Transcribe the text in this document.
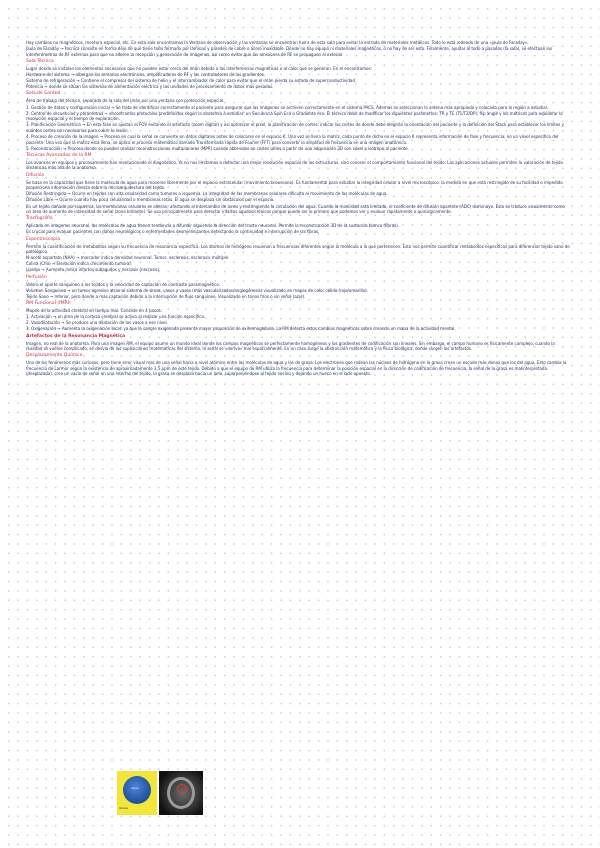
Hay cambios no magnéticos, montura especial, etc. En esta sala encontramos la Ventana de observación y las ventanas se encuentran fuera de esta sala para evitar la entrada de materiales metálicos. Todo lo está rodeado de una «jaula de Faraday».

Jaula de Faraday → técnica consiste en forma dejo de que tiene todo formado por láminas y paredes de cobre o acero inoxidable. Donde no hay equipo ni materiales magnéticos, o no hay de ser esto. Finalmente, ayudar al todo a pasados (la sala), se efectúan los interferómetros de RF externos para que no alteren la recepción y generación de imágenes, así como evitar que las emisiones de RF se propaguen al exterior.

Sala Técnica

Lugar donde se instalan los elementos necesarios que no pueden estar cerca del imán debido a las interferencias magnéticas o al calor que se generan. En el encontramos:

Hardware del sistema → albergan los armarios electrónicos, amplificadores de RF y los controladores de las gradientes.

Sistema de refrigeración → Contiene el compresor del sistema de helio y el intercambiador de calor para evitar que el imán pierda su estado de superconductividad.

Potencia → donde se sitúan los sistemas de alimentación eléctrica y las unidades de procesamiento de datos más pesadas.

Sala de Control

Área de trabajo del técnico, separada de la sala del imán por una ventana con protección especial.

1. Gestión de datos y configuración inicial → Se trata de identificar correctamente al paciente para asegurar que las imágenes se archiven correctamente en el sistema PACS. Además se seleccionan la antena más apropiada y colocada para la región a estudiar.

2. Control de secuencias y parámetros → encontramos protocolos predefinidos según la anatomía a estudiar: un Secuencia Spin Eco o Gradiente eco. El técnico debe de modificar los siguientes parámetros: TR y TE (T1/T2/DP), flip angle y los matrices para equilibrar la resolución espacial y el tiempo de exploración.

3. Planificación Geométrica → En esta fase se ajustan el FOV evitando el artefacto (zoom digital) y así optimizar el píxel, la planificación de cortes: indicar las cortes de donde debe elegirán la orientación del paciente y la definición del Stack para establecer los límites y cuántos cortes son necesarios para cubrir la lesión.

4. Proceso de creación de la imagen → Proceso en cual la señal se convierte en datos digitales antes de colocarse en el espacio K. Una vez se llena la matriz, cada punto de dicho en el espacio K representa información de fase y frecuencia, no un vóxel específico del paciente. Una vez que la matriz está llena, se aplica el proceso matemático llamado Transformada rápida de Fourier (FFT) para convertir la amplitud de frecuencia en una imagen anatómica.

5. Reconstrucción → Proceso donde se pueden realizar reconstrucciones multiplanares (MPR) cuando obtenidos en cortes útiles a partir de una adquisición 3D con vóxel a isótropo al paciente.

Técnicas Avanzadas de la RM

Los avances en equipos y procesamiento han revolucionado el diagnóstico. Ya no nos limitamos a detectar una mejor resolución espacial de las estructuras, sino conocer el comportamiento funcional del tejido. Las aplicaciones actuales permiten la valoración de tejido dinámicas más allá de la anatomía.

Difusión

Se basa en la capacidad que tiene la molécula de agua para moverse libremente por el espacio extracelular (movimiento browniano). Es fundamental para estudiar la integridad celular a nivel microscópico: la medida en que está restringido de su facilidad o impedido proporciona información directa sobre la microarquitectura del tejido.

Difusión Restringida → Ocurre en tejidos con alta celularidad como tumores o isquemia. La integridad de las membranas celulares dificulta el movimiento de las moléculas de agua.

Difusión Libre → Ocurre cuando hay poca celularidad o membranas rotas. El agua se desplaza sin obstáculos por el espacio.

En un tejido dañado por isquemia, las membranas celulares se alteran, afectando al intercambio de iones y restringiendo la circulación del agua. Cuando la movilidad está limitada, el coeficiente de difusión aparente (ADC) disminuye. Esto se traduce visualmente como un área de aumento de intensidad de señal (zona brillante). Se usa principalmente para detectar infartos agudos/crónicos porque puede ser lo primero que podemos ver y evaluar rápidamente o quirúrgicamente.

Tractografía

Aplicada en imagenes neuronal, las moléculas de agua tienen tendencia a difundir siguiendo la dirección del tracto neuronal. Permite la reconstrucción 3D de la sustancia blanca (fibras).

Es crucial para evaluar pacientes con daños neurológicos o enfermedades desmielinizantes detectando la continuidad e interrupción de las fibras.

Espectroscopia

Permite la cuantificación de metabolitos según su frecuencia de resonancia específica. Los átomos de hidrógeno resuenan a frecuencias diferentes según la molécula a la que pertenecen. Esto nos permite cuantificar metabolitos específicos para diferenciar tejido sano de patológico.

N-acetil aspartato (NAA) → marcador indica densidad neuronal. Tumor, esclerosis, esclerosis múltiple.

Colina (Cho) → Elevación indica crecimiento tumoral.

Lípidos → Aumento indica infartos subagudos y necrosis (necrosis).

Perfusión

Valora el aporte sanguíneo a los tejidos y la velocidad de captación de contraste paramagnético.

Volumen Sanguíneo → un tumor agresivo atrae al sistema de áreas, vasos y vasos (más vascularizados/angiogénesis) visualizado en mapas de color cálido (rojo/amarillo).

Tejido Sano → Inferior, pero donde a más captación debido a la interrupción de flujo sanguíneo. Visualizado en tonos fríos o sin señal (azul).

RM Funcional (fMRI)

Mapeo de la actividad cerebral en tiempo real. Consiste en 4 pasos:

1. Activación → un área de la corteza cerebral se activa al realizar una función específica.

2. Vasodilatación → Se produce una dilatación de los vasos a ese nivel.

3. Oxigenación → Aumenta la oxigenación local, ya que la sangre oxigenada presenta mayor proporción de oxihemoglobina. La RM detecta estos cambios magnéticos sobre creando un mapa de la actividad mental.

Artefactos de la Resonancia Magnética

Imagen, no real de la anatomía. Para una imagen RM, el equipo asume un mundo ideal donde los campos magnéticos se perfectamente homogéneos y los gradientes de codificación son lineales. Sin embargo, el campo humano es físicamente complejo, cuando la realidad se vuelve complicado, se desvía de las suposiciones matemáticas del sistema, la señal se «deriva» mal espacialmente. En un caso surge la obstrucción matemática y la física biológica, donde surgen los artefactos.

Desplazamiento Químico

Uno de los fenómenos más curiosos, pero tiene error visual mas de una señal hacia a nivel atómico entre las moléculas de agua y las de grasa. Los electrones que rodean las núcleos de hidrógeno en la grasa crean un escudo más denso que los del agua. Esto cambia la frecuencia de Larmor según la existencia de aproximadamente 3,5 ppm de este tejido. Debido a que el equipo de RM utiliza la frecuencia para determinar la posición espacial en la dirección de codificación de frecuencia, la señal de la grasa es malinterpretada (desplazada), crea un vacío de señal en una interfaz del tejido, la grasa se desplaza hacia un lado, superponiéndose al tejido vecino y dejando un hueco en el lado opuesto.

Agua
Grasa
